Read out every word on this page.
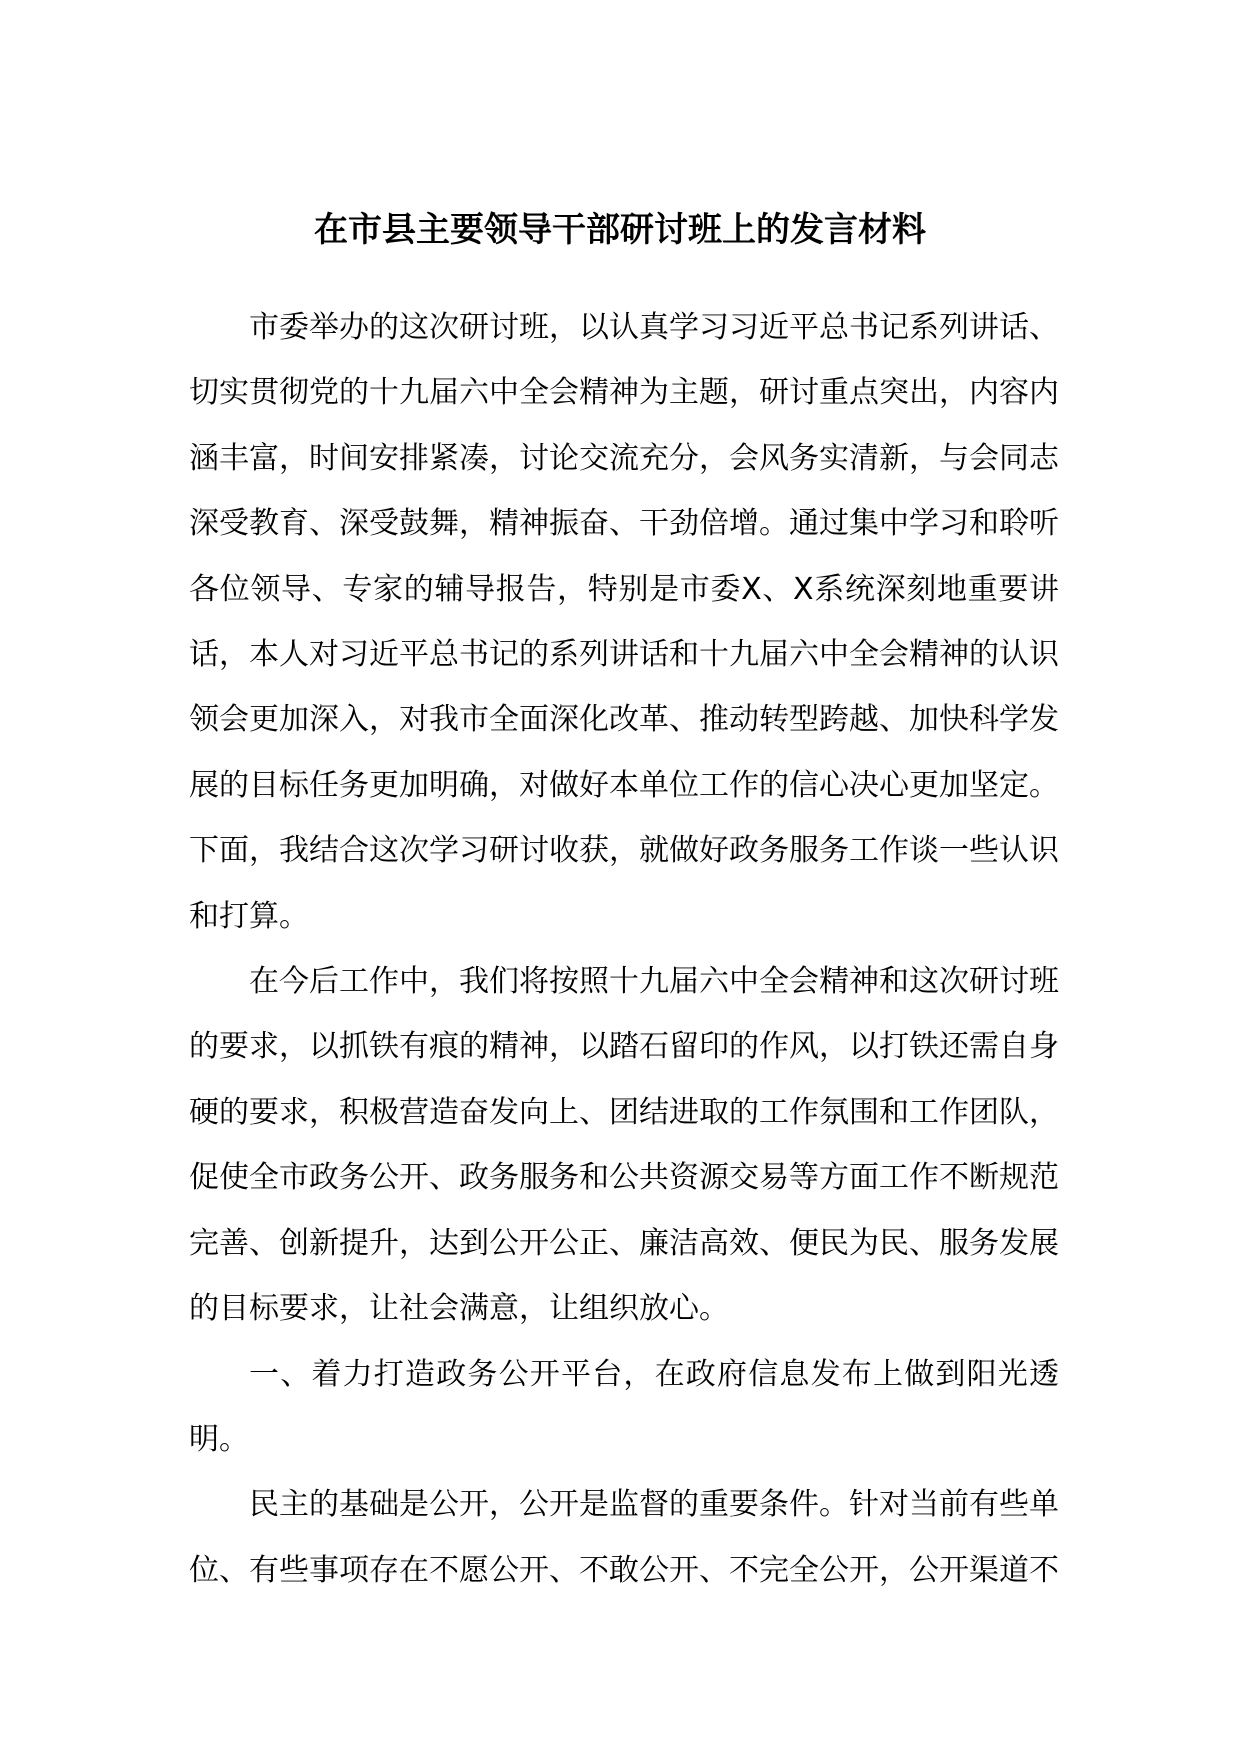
在市县主要领导干部研讨班上的发言材料

市委举办的这次研讨班，以认真学习习近平总书记系列讲话、切实贯彻党的十九届六中全会精神为主题，研讨重点突出，内容内涵丰富，时间安排紧凑，讨论交流充分，会风务实清新，与会同志深受教育、深受鼓舞，精神振奋、干劲倍增。通过集中学习和聆听各位领导、专家的辅导报告，特别是市委X、X系统深刻地重要讲话，本人对习近平总书记的系列讲话和十九届六中全会精神的认识领会更加深入，对我市全面深化改革、推动转型跨越、加快科学发展的目标任务更加明确，对做好本单位工作的信心决心更加坚定。下面，我结合这次学习研讨收获，就做好政务服务工作谈一些认识和打算。

在今后工作中，我们将按照十九届六中全会精神和这次研讨班的要求，以抓铁有痕的精神，以踏石留印的作风，以打铁还需自身硬的要求，积极营造奋发向上、团结进取的工作氛围和工作团队，促使全市政务公开、政务服务和公共资源交易等方面工作不断规范完善、创新提升，达到公开公正、廉洁高效、便民为民、服务发展的目标要求，让社会满意，让组织放心。

一、着力打造政务公开平台，在政府信息发布上做到阳光透明。

民主的基础是公开，公开是监督的重要条件。针对当前有些单位、有些事项存在不愿公开、不敢公开、不完全公开，公开渠道不
